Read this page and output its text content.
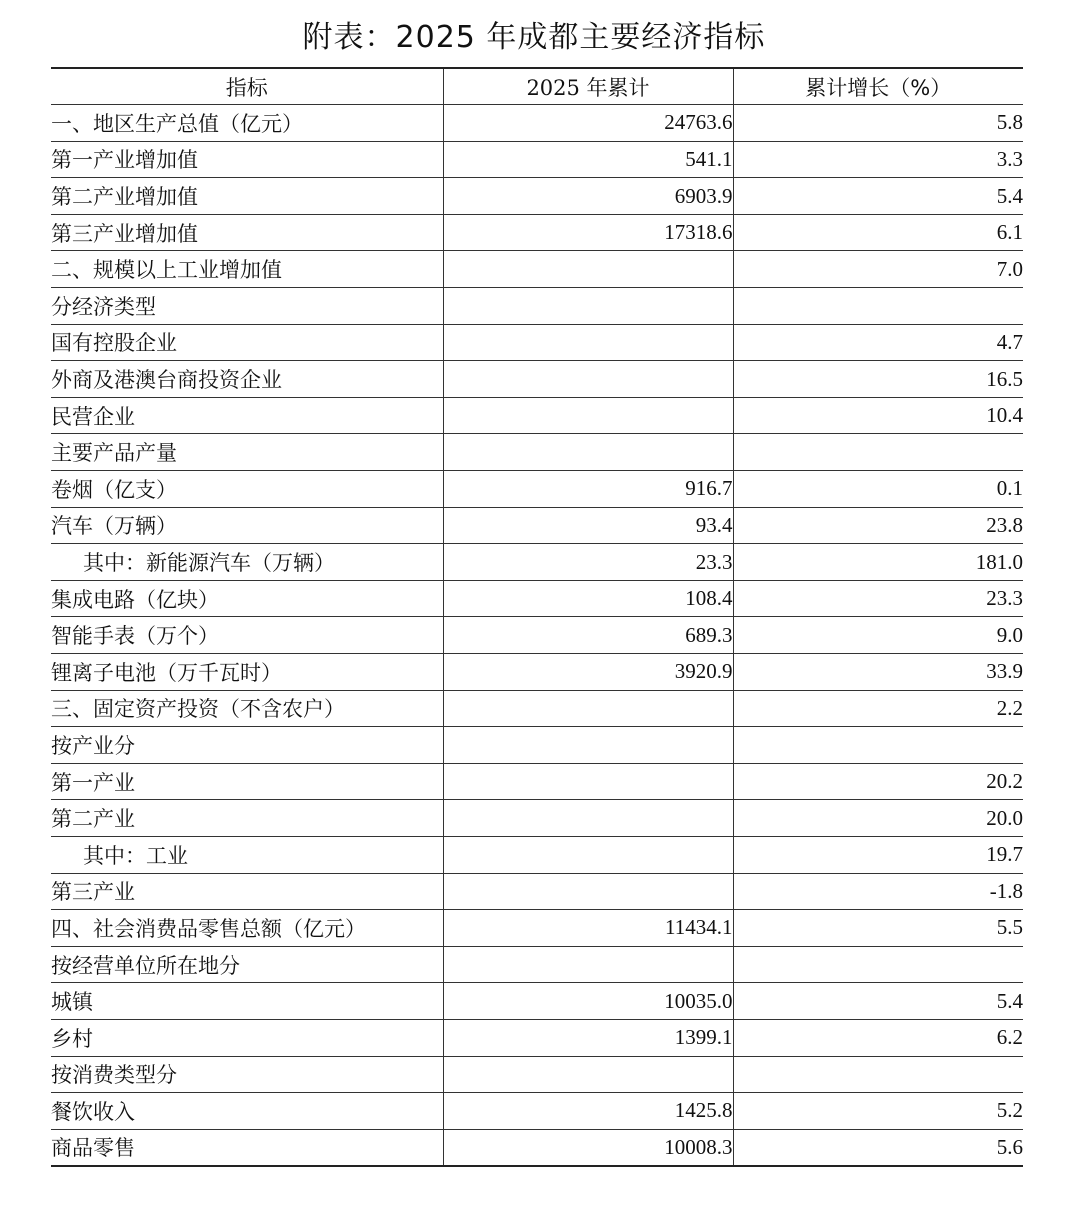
附表：2025 年成都主要经济指标
指标	2025 年累计	累计增长（%）
一、地区生产总值（亿元）	24763.6	5.8
第一产业增加值	541.1	3.3
第二产业增加值	6903.9	5.4
第三产业增加值	17318.6	6.1
二、规模以上工业增加值		7.0
分经济类型		
国有控股企业		4.7
外商及港澳台商投资企业		16.5
民营企业		10.4
主要产品产量		
卷烟（亿支）	916.7	0.1
汽车（万辆）	93.4	23.8
其中：新能源汽车（万辆）	23.3	181.0
集成电路（亿块）	108.4	23.3
智能手表（万个）	689.3	9.0
锂离子电池（万千瓦时）	3920.9	33.9
三、固定资产投资（不含农户）		2.2
按产业分		
第一产业		20.2
第二产业		20.0
其中：工业		19.7
第三产业		-1.8
四、社会消费品零售总额（亿元）	11434.1	5.5
按经营单位所在地分		
城镇	10035.0	5.4
乡村	1399.1	6.2
按消费类型分		
餐饮收入	1425.8	5.2
商品零售	10008.3	5.6
